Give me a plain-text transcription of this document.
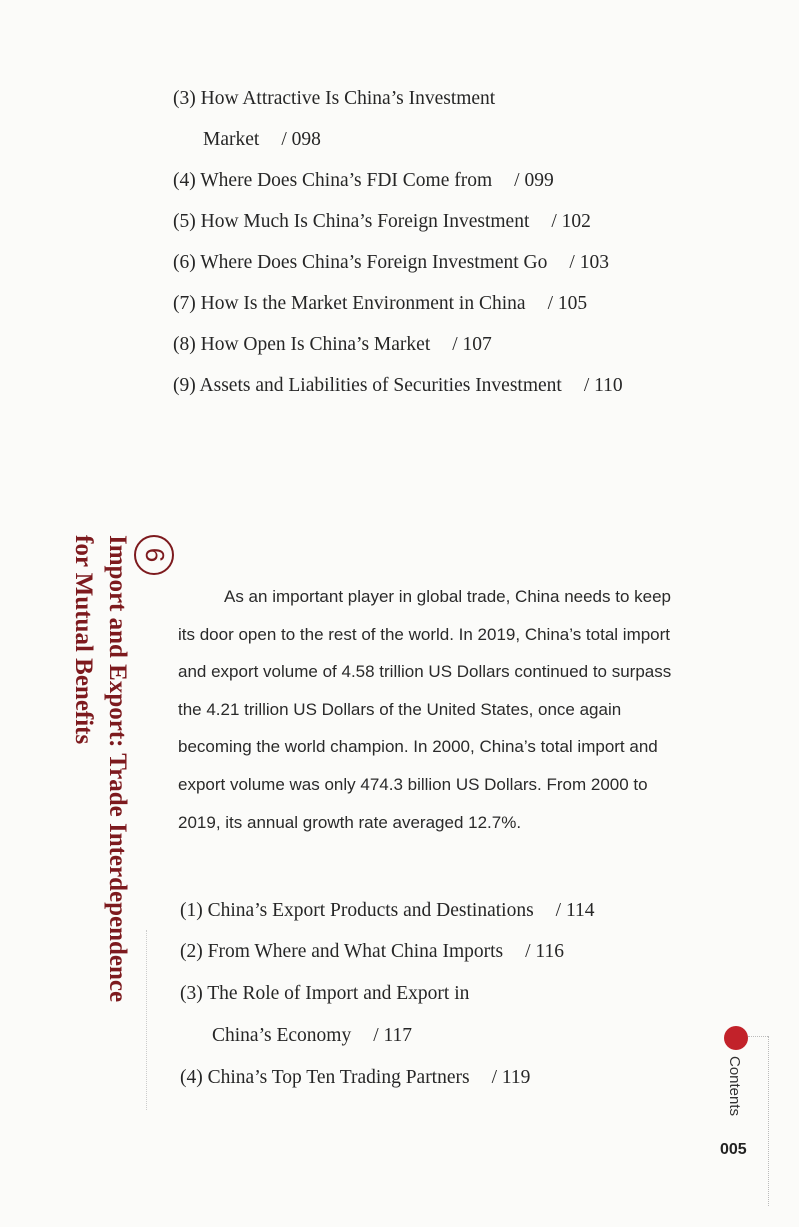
(3) How Attractive Is China’s Investment
Market / 098
(4) Where Does China’s FDI Come from / 099
(5) How Much Is China’s Foreign Investment / 102
(6) Where Does China’s Foreign Investment Go / 103
(7) How Is the Market Environment in China / 105
(8) How Open Is China’s Market / 107
(9) Assets and Liabilities of Securities Investment / 110
6
Import and Export: Trade Interdependence
for Mutual Benefits	As an important player in global trade, China needs to keep its door open to the rest of the world. In 2019, China’s total import and export volume of 4.58 trillion US Dollars continued to surpass the 4.21 trillion US Dollars of the United States, once again becoming the world champion. In 2000, China’s total import and export volume was only 474.3 billion US Dollars. From 2000 to 2019, its annual growth rate averaged 12.7%.

(1) China’s Export Products and Destinations / 114
(2) From Where and What China Imports / 116
(3) The Role of Import and Export in
China’s Economy / 117
(4) China’s Top Ten Trading Partners / 119	Contents
005
